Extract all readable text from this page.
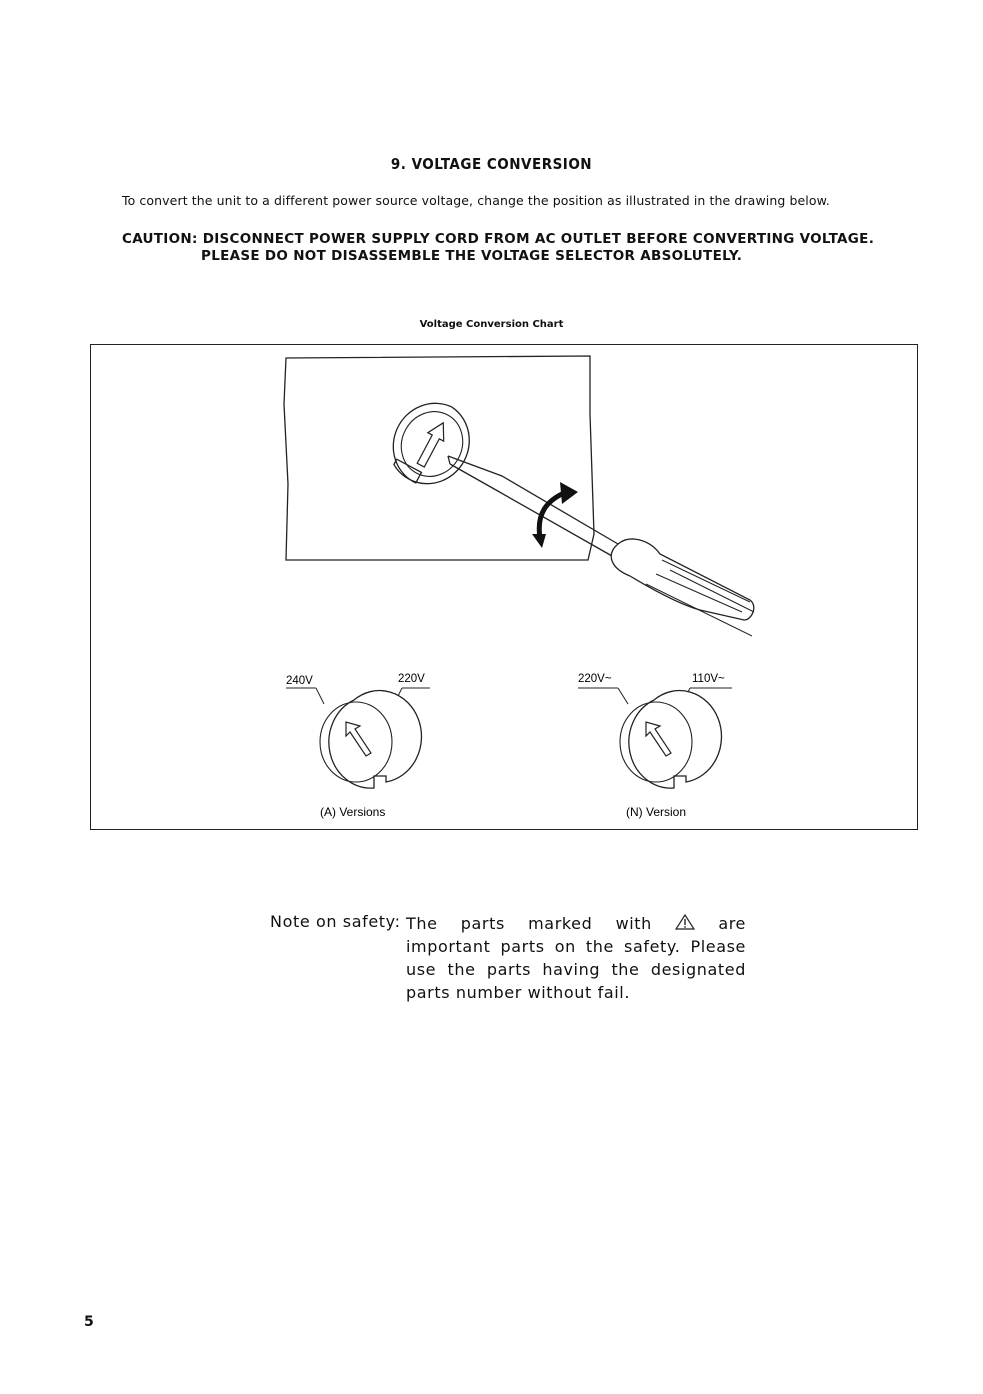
9. VOLTAGE CONVERSION
To convert the unit to a different power source voltage, change the position as illustrated in the drawing below.
CAUTION: DISCONNECT POWER SUPPLY CORD FROM AC OUTLET BEFORE CONVERTING VOLTAGE.
PLEASE DO NOT DISASSEMBLE THE VOLTAGE SELECTOR ABSOLUTELY.
Voltage Conversion Chart
240V	220V
(A) Versions
220V~	110V~
(N) Version
Note on safety: The parts marked with	are important parts on the safety. Please use the parts having the designated parts number without fail.
5
